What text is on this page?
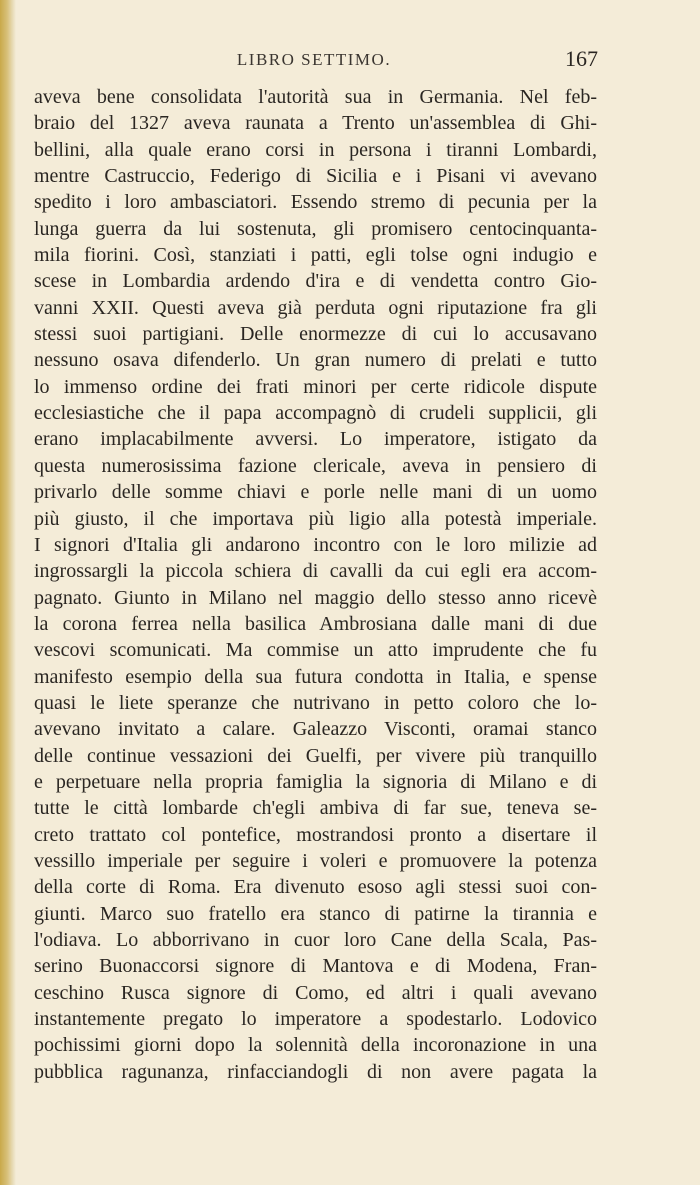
LIBRO SETTIMO.	167
aveva bene consolidata l'autorità sua in Germania. Nel feb-
braio del 1327 aveva raunata a Trento un'assemblea di Ghi-
bellini, alla quale erano corsi in persona i tiranni Lombardi,
mentre Castruccio, Federigo di Sicilia e i Pisani vi avevano
spedito i loro ambasciatori. Essendo stremo di pecunia per la
lunga guerra da lui sostenuta, gli promisero centocinquanta-
mila fiorini. Così, stanziati i patti, egli tolse ogni indugio e
scese in Lombardia ardendo d'ira e di vendetta contro Gio-
vanni XXII. Questi aveva già perduta ogni riputazione fra gli
stessi suoi partigiani. Delle enormezze di cui lo accusavano
nessuno osava difenderlo. Un gran numero di prelati e tutto
lo immenso ordine dei frati minori per certe ridicole dispute
ecclesiastiche che il papa accompagnò di crudeli supplicii, gli
erano implacabilmente avversi. Lo imperatore, istigato da
questa numerosissima fazione clericale, aveva in pensiero di
privarlo delle somme chiavi e porle nelle mani di un uomo
più giusto, il che importava più ligio alla potestà imperiale.
I signori d'Italia gli andarono incontro con le loro milizie ad
ingrossargli la piccola schiera di cavalli da cui egli era accom-
pagnato. Giunto in Milano nel maggio dello stesso anno ricevè
la corona ferrea nella basilica Ambrosiana dalle mani di due
vescovi scomunicati. Ma commise un atto imprudente che fu
manifesto esempio della sua futura condotta in Italia, e spense
quasi le liete speranze che nutrivano in petto coloro che lo-
avevano invitato a calare. Galeazzo Visconti, oramai stanco
delle continue vessazioni dei Guelfi, per vivere più tranquillo
e perpetuare nella propria famiglia la signoria di Milano e di
tutte le città lombarde ch'egli ambiva di far sue, teneva se-
creto trattato col pontefice, mostrandosi pronto a disertare il
vessillo imperiale per seguire i voleri e promuovere la potenza
della corte di Roma. Era divenuto esoso agli stessi suoi con-
giunti. Marco suo fratello era stanco di patirne la tirannia e
l'odiava. Lo abborrivano in cuor loro Cane della Scala, Pas-
serino Buonaccorsi signore di Mantova e di Modena, Fran-
ceschino Rusca signore di Como, ed altri i quali avevano
instantemente pregato lo imperatore a spodestarlo. Lodovico
pochissimi giorni dopo la solennità della incoronazione in una
pubblica ragunanza, rinfacciandogli di non avere pagata la
